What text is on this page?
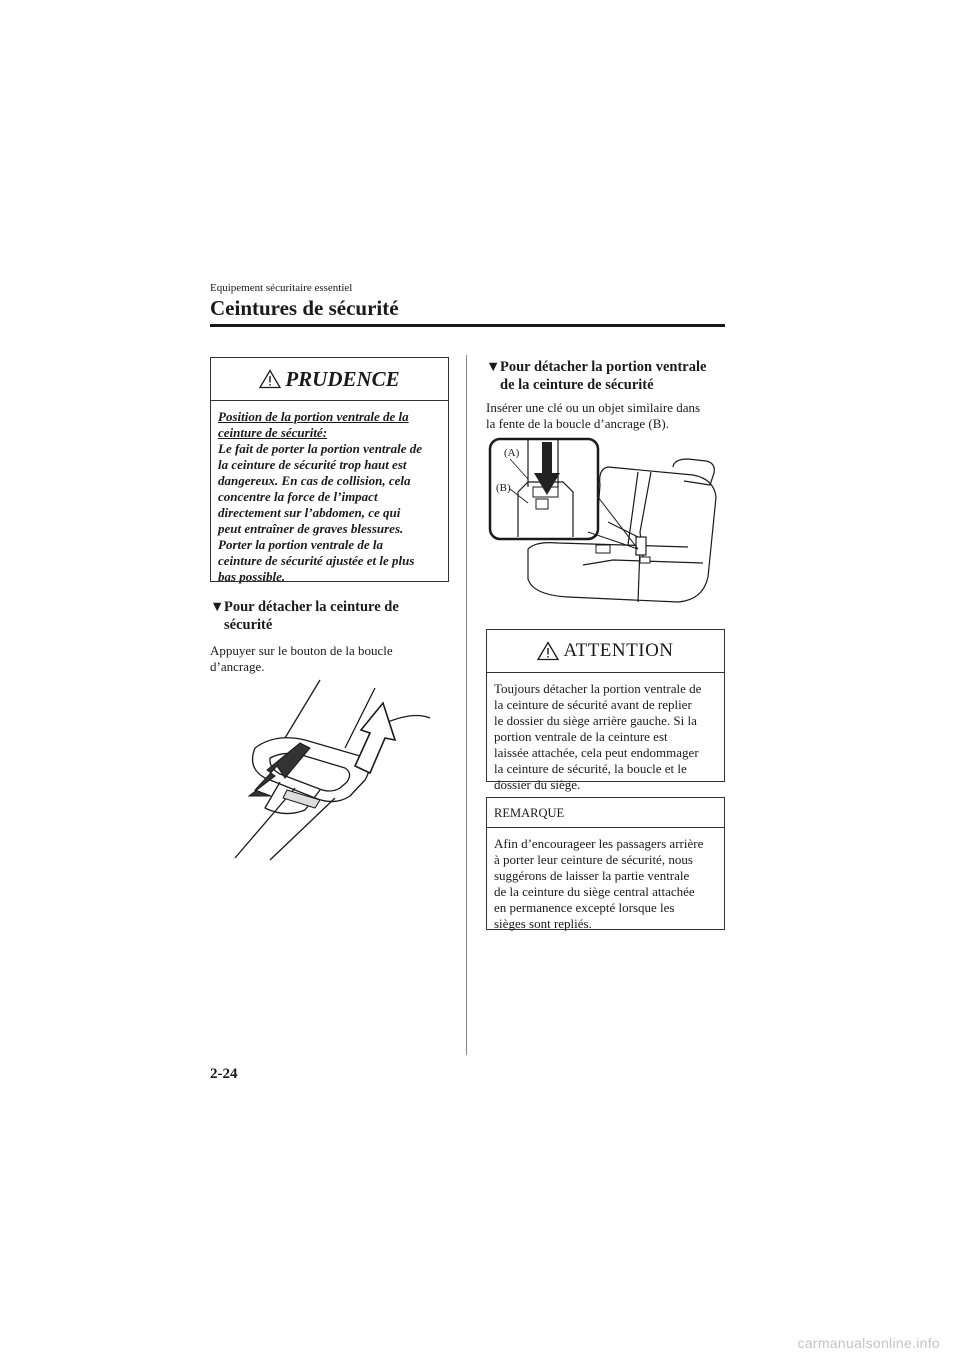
Equipement sécuritaire essentiel
Ceintures de sécurité
PRUDENCE
Position de la portion ventrale de la
ceinture de sécurité:
Le fait de porter la portion ventrale de
la ceinture de sécurité trop haut est
dangereux. En cas de collision, cela
concentre la force de l’impact
directement sur l’abdomen, ce qui
peut entraîner de graves blessures.
Porter la portion ventrale de la
ceinture de sécurité ajustée et le plus
bas possible.
▼Pour détacher la ceinture de
sécurité
Appuyer sur le bouton de la boucle
d’ancrage.
▼Pour détacher la portion ventrale
de la ceinture de sécurité
Insérer une clé ou un objet similaire dans
la fente de la boucle d’ancrage (B).
(A)
(B)
ATTENTION
Toujours détacher la portion ventrale de
la ceinture de sécurité avant de replier
le dossier du siège arrière gauche. Si la
portion ventrale de la ceinture est
laissée attachée, cela peut endommager
la ceinture de sécurité, la boucle et le
dossier du siège.
REMARQUE
Afin d’encourageer les passagers arrière
à porter leur ceinture de sécurité, nous
suggérons de laisser la partie ventrale
de la ceinture du siège central attachée
en permanence excepté lorsque les
sièges sont repliés.
2-24
carmanualsonline.info
